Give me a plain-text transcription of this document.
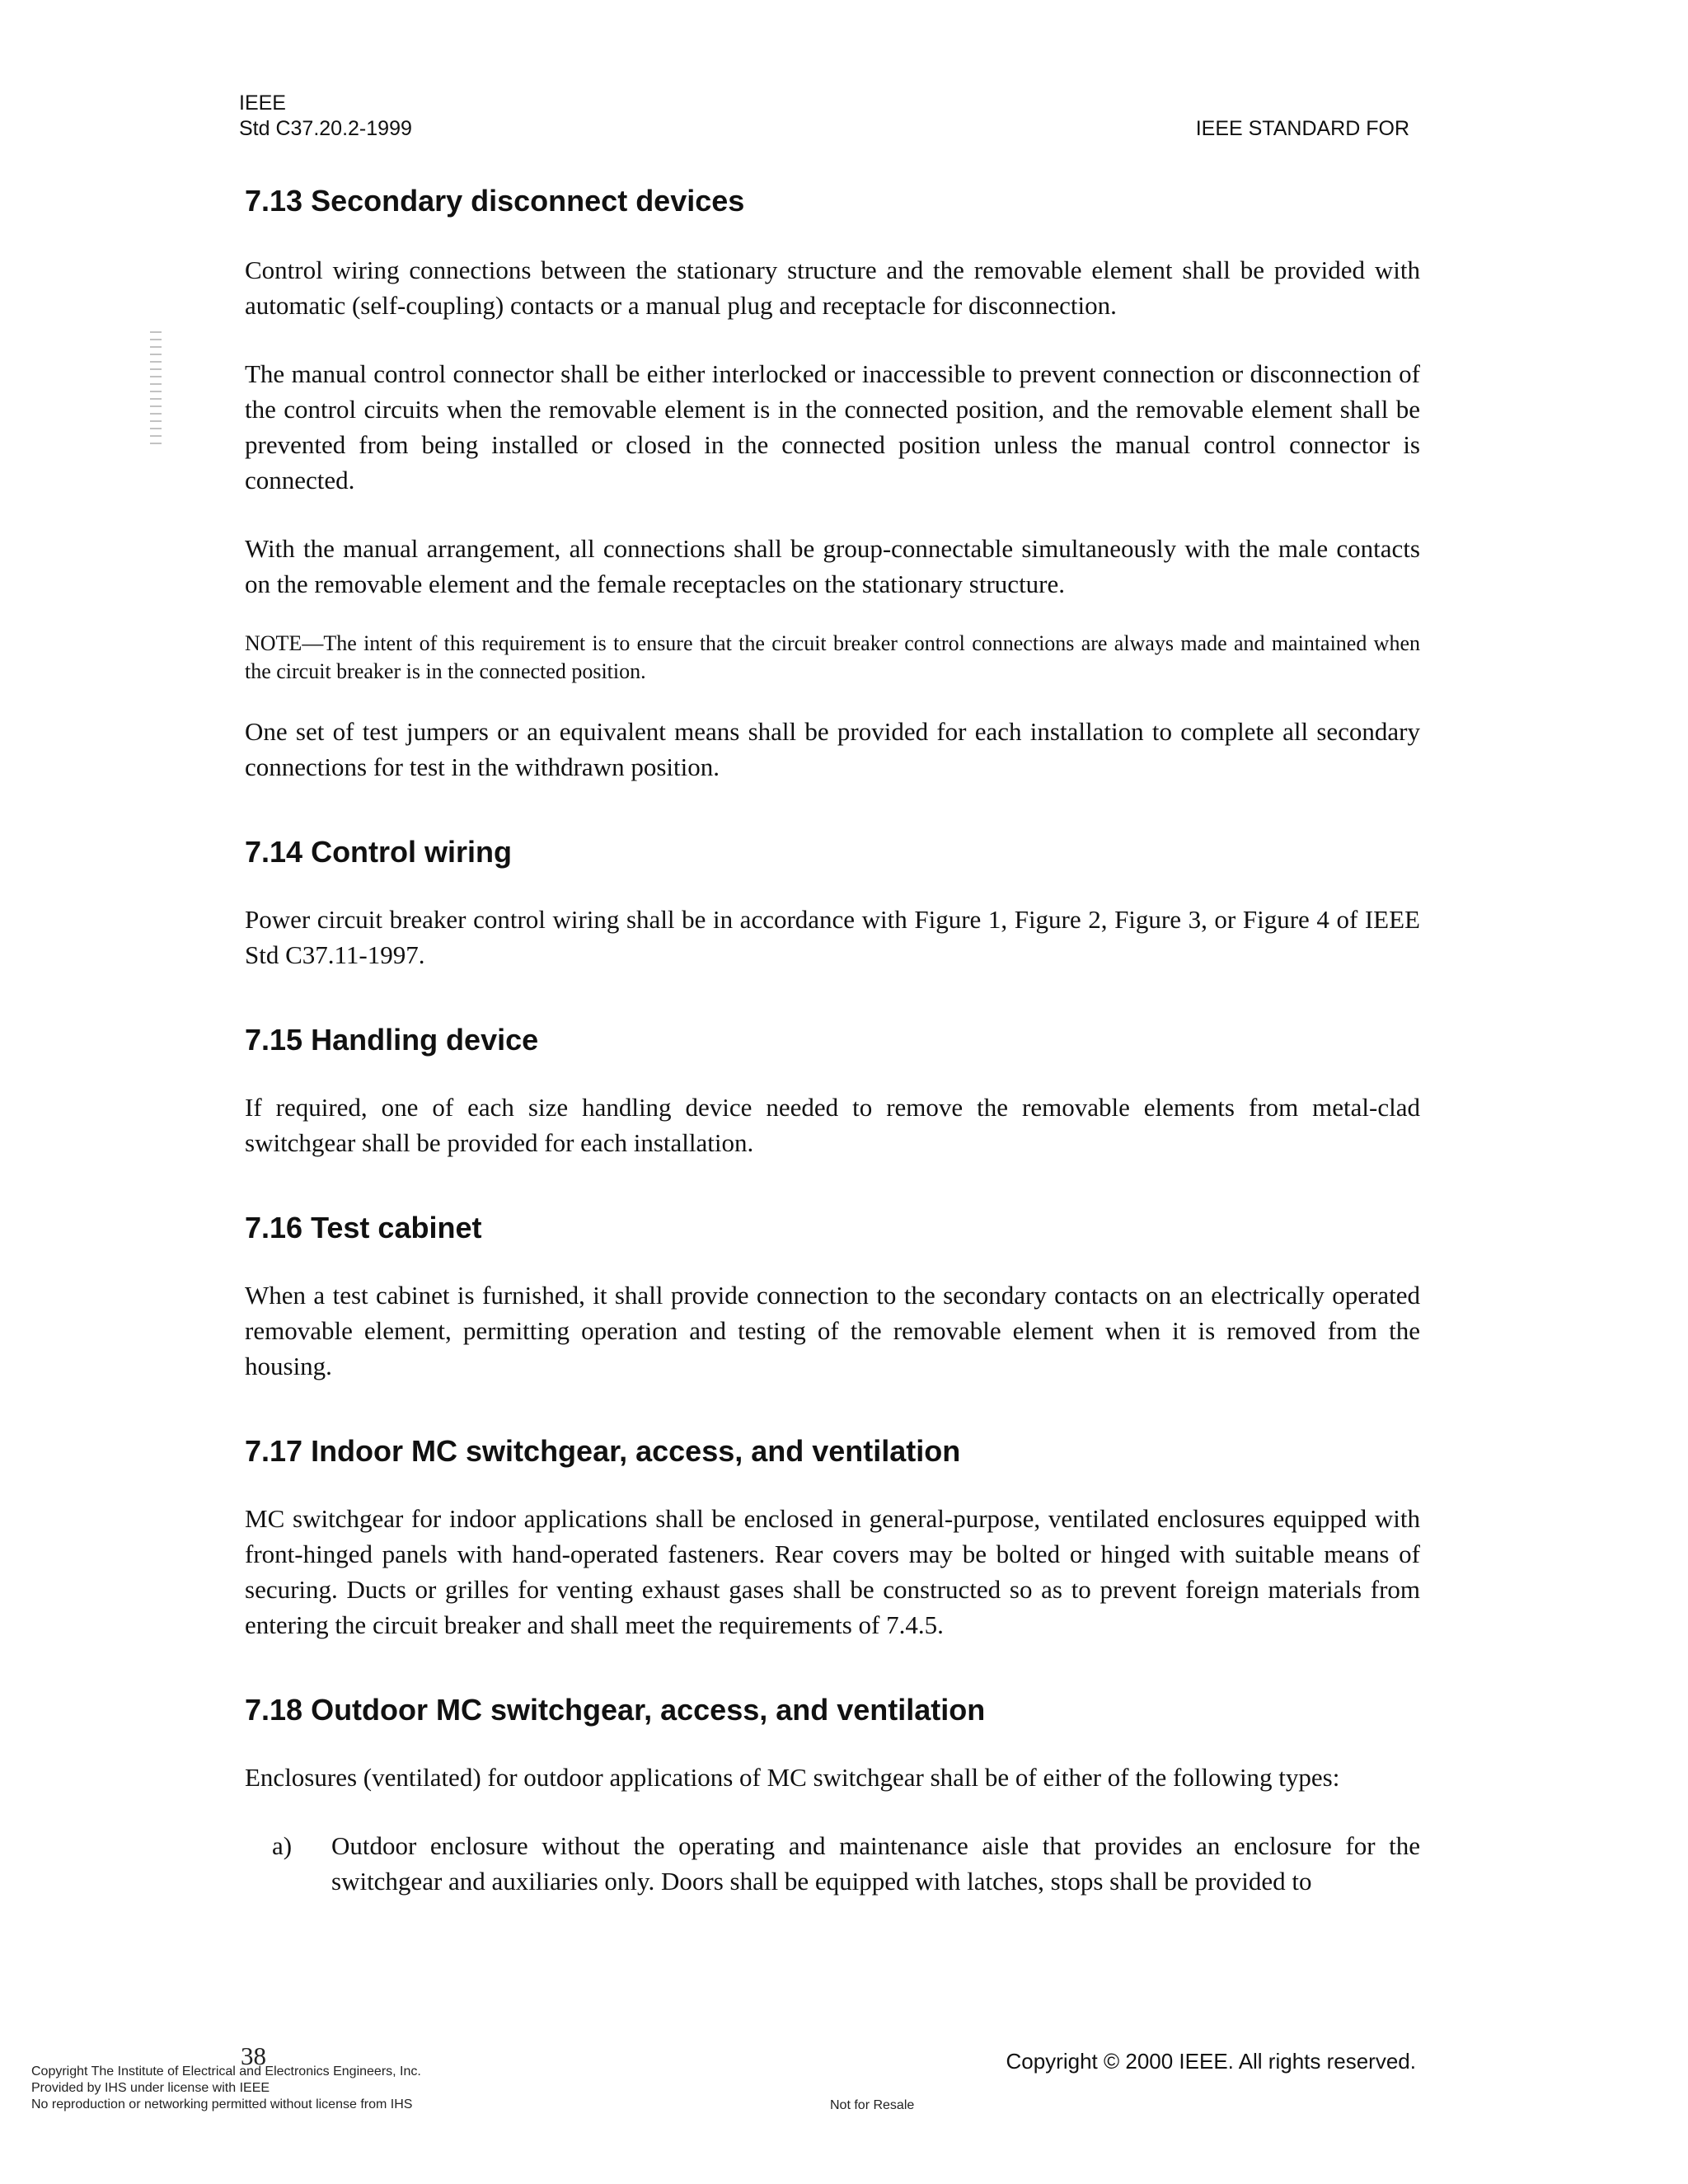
IEEE
Std C37.20.2-1999	IEEE STANDARD FOR
7.13 Secondary disconnect devices

Control wiring connections between the stationary structure and the removable element shall be provided with automatic (self-coupling) contacts or a manual plug and receptacle for disconnection.

The manual control connector shall be either interlocked or inaccessible to prevent connection or disconnection of the control circuits when the removable element is in the connected position, and the removable element shall be prevented from being installed or closed in the connected position unless the manual control connector is connected.

With the manual arrangement, all connections shall be group-connectable simultaneously with the male contacts on the removable element and the female receptacles on the stationary structure.

NOTE—The intent of this requirement is to ensure that the circuit breaker control connections are always made and maintained when the circuit breaker is in the connected position.

One set of test jumpers or an equivalent means shall be provided for each installation to complete all secondary connections for test in the withdrawn position.

7.14 Control wiring

Power circuit breaker control wiring shall be in accordance with Figure 1, Figure 2, Figure 3, or Figure 4 of IEEE Std C37.11-1997.

7.15 Handling device

If required, one of each size handling device needed to remove the removable elements from metal-clad switchgear shall be provided for each installation.

7.16 Test cabinet

When a test cabinet is furnished, it shall provide connection to the secondary contacts on an electrically operated removable element, permitting operation and testing of the removable element when it is removed from the housing.

7.17 Indoor MC switchgear, access, and ventilation

MC switchgear for indoor applications shall be enclosed in general-purpose, ventilated enclosures equipped with front-hinged panels with hand-operated fasteners. Rear covers may be bolted or hinged with suitable means of securing. Ducts or grilles for venting exhaust gases shall be constructed so as to prevent foreign materials from entering the circuit breaker and shall meet the requirements of 7.4.5.

7.18 Outdoor MC switchgear, access, and ventilation

Enclosures (ventilated) for outdoor applications of MC switchgear shall be of either of the following types:

a)	Outdoor enclosure without the operating and maintenance aisle that provides an enclosure for the switchgear and auxiliaries only. Doors shall be equipped with latches, stops shall be provided to

38	Copyright © 2000 IEEE. All rights reserved.
Copyright The Institute of Electrical and Electronics Engineers, Inc.
Provided by IHS under license with IEEE
No reproduction or networking permitted without license from IHS	Not for Resale
